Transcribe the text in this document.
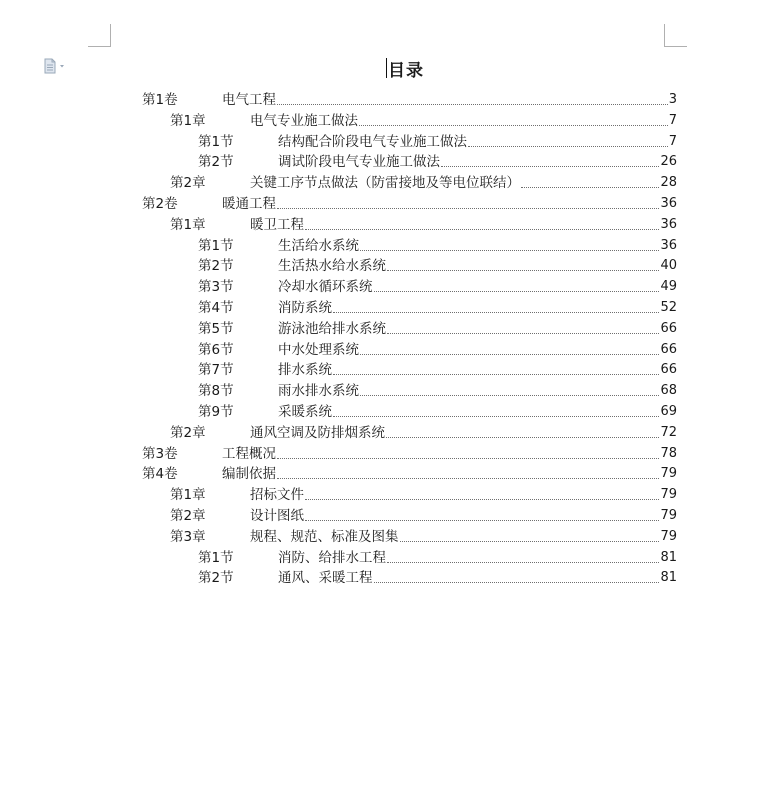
目录
第1卷	电气工程	3
第1章	电气专业施工做法	7
第1节	结构配合阶段电气专业施工做法	7
第2节	调试阶段电气专业施工做法	26
第2章	关键工序节点做法（防雷接地及等电位联结）	28
第2卷	暖通工程	36
第1章	暖卫工程	36
第1节	生活给水系统	36
第2节	生活热水给水系统	40
第3节	冷却水循环系统	49
第4节	消防系统	52
第5节	游泳池给排水系统	66
第6节	中水处理系统	66
第7节	排水系统	66
第8节	雨水排水系统	68
第9节	采暖系统	69
第2章	通风空调及防排烟系统	72
第3卷	工程概况	78
第4卷	编制依据	79
第1章	招标文件	79
第2章	设计图纸	79
第3章	规程、规范、标准及图集	79
第1节	消防、给排水工程	81
第2节	通风、采暖工程	81
